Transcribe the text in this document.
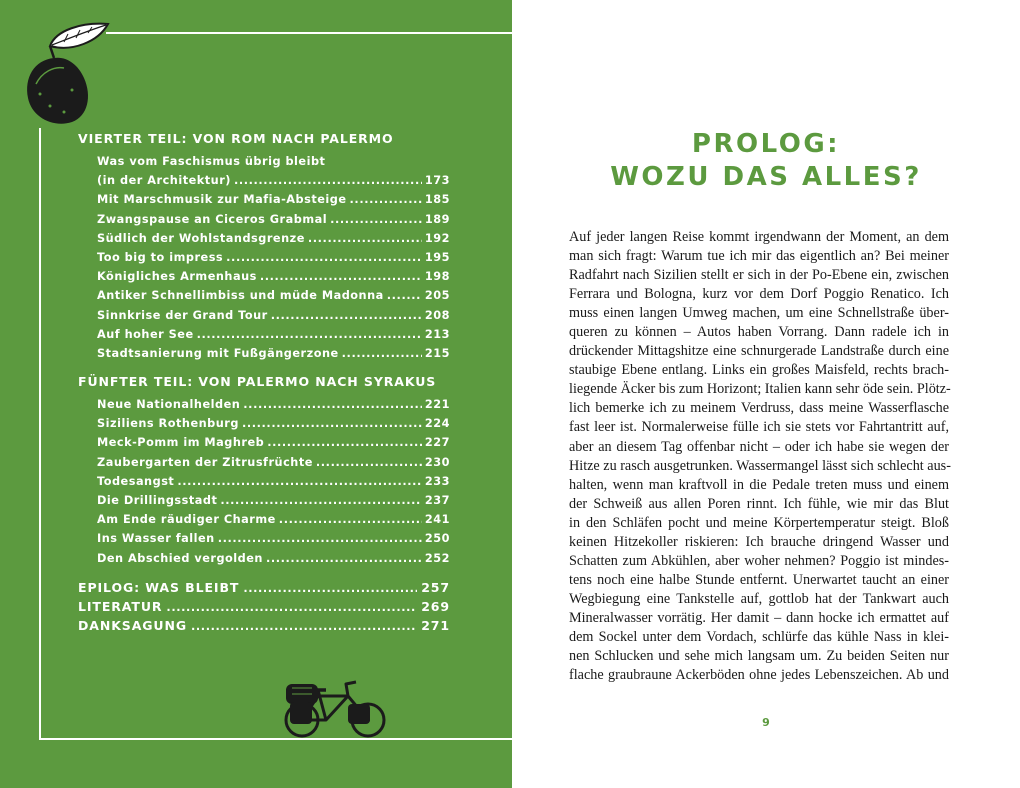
VIERTER TEIL: VON ROM NACH PALERMO
Was vom Faschismus übrig bleibt
(in der Architektur) .....	173
Mit Marschmusik zur Mafia-Absteige .....	185
Zwangspause an Ciceros Grabmal .....	189
Südlich der Wohlstandsgrenze .....	192
Too big to impress .....	195
Königliches Armenhaus .....	198
Antiker Schnellimbiss und müde Madonna .....	205
Sinnkrise der Grand Tour .....	208
Auf hoher See .....	213
Stadtsanierung mit Fußgängerzone .....	215
FÜNFTER TEIL: VON PALERMO NACH SYRAKUS
Neue Nationalhelden .....	221
Siziliens Rothenburg .....	224
Meck-Pomm im Maghreb .....	227
Zaubergarten der Zitrusfrüchte .....	230
Todesangst .....	233
Die Drillingsstadt .....	237
Am Ende räudiger Charme .....	241
Ins Wasser fallen .....	250
Den Abschied vergolden .....	252
EPILOG: WAS BLEIBT .....	257
LITERATUR .....	269
DANKSAGUNG .....	271
PROLOG:
WOZU DAS ALLES?
Auf jeder langen Reise kommt irgendwann der Moment, an dem
man sich fragt: Warum tue ich mir das eigentlich an? Bei meiner
Radfahrt nach Sizilien stellt er sich in der Po-Ebene ein, zwischen
Ferrara und Bologna, kurz vor dem Dorf Poggio Renatico. Ich
muss einen langen Umweg machen, um eine Schnellstraße über-
queren zu können – Autos haben Vorrang. Dann radele ich in
drückender Mittagshitze eine schnurgerade Landstraße durch eine
staubige Ebene entlang. Links ein großes Maisfeld, rechts brach-
liegende Äcker bis zum Horizont; Italien kann sehr öde sein. Plötz-
lich bemerke ich zu meinem Verdruss, dass meine Wasserflasche
fast leer ist. Normalerweise fülle ich sie stets vor Fahrtantritt auf,
aber an diesem Tag offenbar nicht – oder ich habe sie wegen der
Hitze zu rasch ausgetrunken. Wassermangel lässt sich schlecht aus-
halten, wenn man kraftvoll in die Pedale treten muss und einem
der Schweiß aus allen Poren rinnt. Ich fühle, wie mir das Blut
in den Schläfen pocht und meine Körpertemperatur steigt. Bloß
keinen Hitzekoller riskieren: Ich brauche dringend Wasser und
Schatten zum Abkühlen, aber woher nehmen? Poggio ist mindes-
tens noch eine halbe Stunde entfernt. Unerwartet taucht an einer
Wegbiegung eine Tankstelle auf, gottlob hat der Tankwart auch
Mineralwasser vorrätig. Her damit – dann hocke ich ermattet auf
dem Sockel unter dem Vordach, schlürfe das kühle Nass in klei-
nen Schlucken und sehe mich langsam um. Zu beiden Seiten nur
flache graubraune Ackerböden ohne jedes Lebenszeichen. Ab und
9
